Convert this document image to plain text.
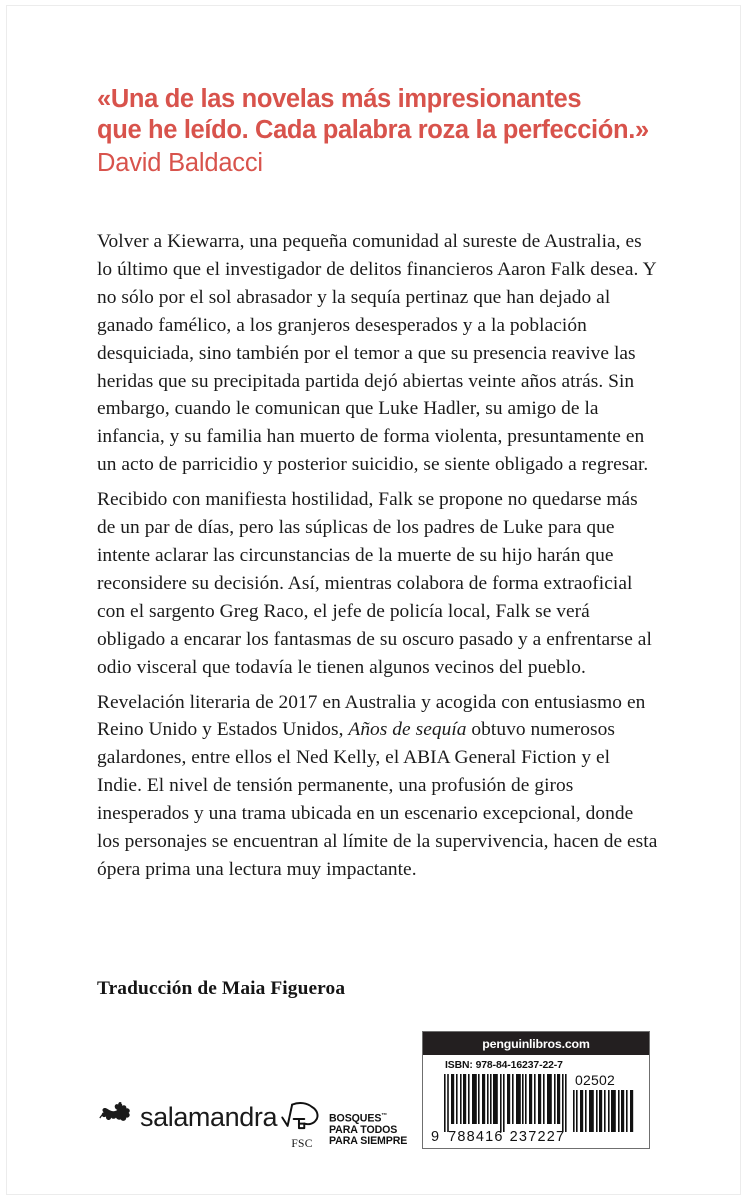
«Una de las novelas más impresionantes
que he leído. Cada palabra roza la perfección.»
David Baldacci

Volver a Kiewarra, una pequeña comunidad al sureste de Australia, es lo último que el investigador de delitos financieros Aaron Falk desea. Y no sólo por el sol abrasador y la sequía pertinaz que han dejado al ganado famélico, a los granjeros desesperados y a la población desquiciada, sino también por el temor a que su presencia reavive las heridas que su precipitada partida dejó abiertas veinte años atrás. Sin embargo, cuando le comunican que Luke Hadler, su amigo de la infancia, y su familia han muerto de forma violenta, presuntamente en un acto de parricidio y posterior suicidio, se siente obligado a regresar.

Recibido con manifiesta hostilidad, Falk se propone no quedarse más de un par de días, pero las súplicas de los padres de Luke para que intente aclarar las circunstancias de la muerte de su hijo harán que reconsidere su decisión. Así, mientras colabora de forma extraoficial con el sargento Greg Raco, el jefe de policía local, Falk se verá obligado a encarar los fantasmas de su oscuro pasado y a enfrentarse al odio visceral que todavía le tienen algunos vecinos del pueblo.

Revelación literaria de 2017 en Australia y acogida con entusiasmo en Reino Unido y Estados Unidos, Años de sequía obtuvo numerosos galardones, entre ellos el Ned Kelly, el ABIA General Fiction y el Indie. El nivel de tensión permanente, una profusión de giros inesperados y una trama ubicada en un escenario excepcional, donde los personajes se encuentran al límite de la supervivencia, hacen de esta ópera prima una lectura muy impactante.

Traducción de Maia Figueroa
salamandra
FSC
BOSQUES™
PARA TODOS
PARA SIEMPRE
penguinlibros.com
ISBN: 978-84-16237-22-7
02502
9 788416 237227
